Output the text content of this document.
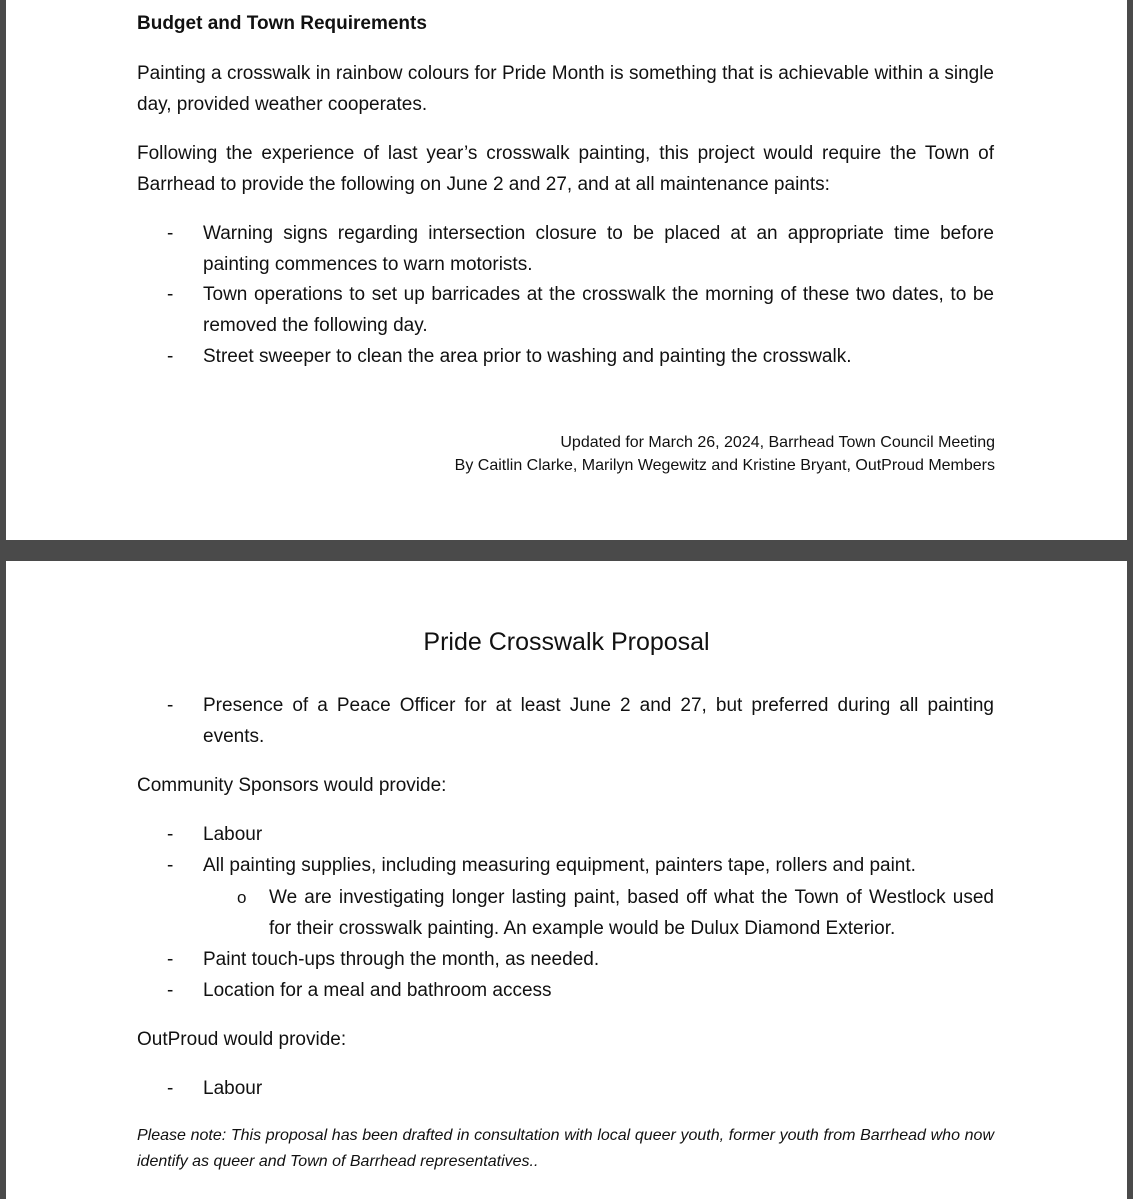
Budget and Town Requirements
Painting a crosswalk in rainbow colours for Pride Month is something that is achievable within a single day, provided weather cooperates.
Following the experience of last year’s crosswalk painting, this project would require the Town of Barrhead to provide the following on June 2 and 27, and at all maintenance paints:
- Warning signs regarding intersection closure to be placed at an appropriate time before painting commences to warn motorists.
- Town operations to set up barricades at the crosswalk the morning of these two dates, to be removed the following day.
- Street sweeper to clean the area prior to washing and painting the crosswalk.
Updated for March 26, 2024, Barrhead Town Council Meeting
By Caitlin Clarke, Marilyn Wegewitz and Kristine Bryant, OutProud Members
Pride Crosswalk Proposal
- Presence of a Peace Officer for at least June 2 and 27, but preferred during all painting events.
Community Sponsors would provide:
- Labour
- All painting supplies, including measuring equipment, painters tape, rollers and paint.
o We are investigating longer lasting paint, based off what the Town of Westlock used for their crosswalk painting. An example would be Dulux Diamond Exterior.
- Paint touch-ups through the month, as needed.
- Location for a meal and bathroom access
OutProud would provide:
- Labour
Please note: This proposal has been drafted in consultation with local queer youth, former youth from Barrhead who now identify as queer and Town of Barrhead representatives..
